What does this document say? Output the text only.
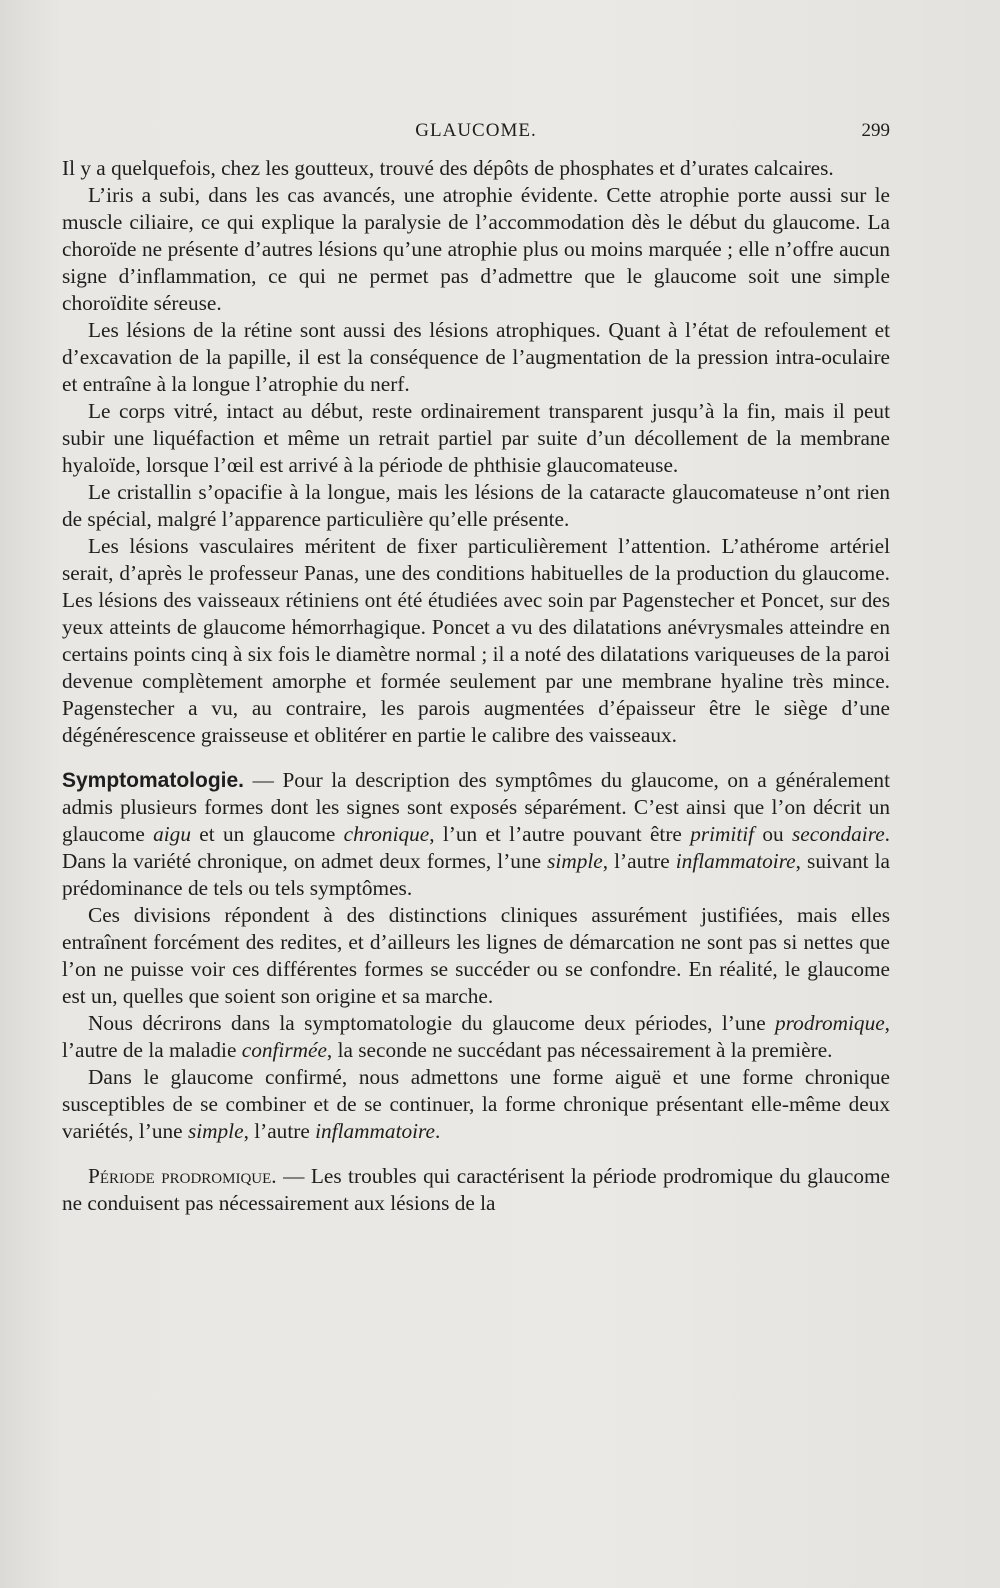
GLAUCOME.	299

Il y a quelquefois, chez les goutteux, trouvé des dépôts de phosphates et d’urates calcaires.

L’iris a subi, dans les cas avancés, une atrophie évidente. Cette atrophie porte aussi sur le muscle ciliaire, ce qui explique la paralysie de l’accommodation dès le début du glaucome. La choroïde ne présente d’autres lésions qu’une atrophie plus ou moins marquée ; elle n’offre aucun signe d’inflammation, ce qui ne permet pas d’admettre que le glaucome soit une simple choroïdite séreuse.

Les lésions de la rétine sont aussi des lésions atrophiques. Quant à l’état de refoulement et d’excavation de la papille, il est la conséquence de l’augmentation de la pression intra-oculaire et entraîne à la longue l’atrophie du nerf.

Le corps vitré, intact au début, reste ordinairement transparent jusqu’à la fin, mais il peut subir une liquéfaction et même un retrait partiel par suite d’un décollement de la membrane hyaloïde, lorsque l’œil est arrivé à la période de phthisie glaucomateuse.

Le cristallin s’opacifie à la longue, mais les lésions de la cataracte glaucomateuse n’ont rien de spécial, malgré l’apparence particulière qu’elle présente.

Les lésions vasculaires méritent de fixer particulièrement l’attention. L’athérome artériel serait, d’après le professeur Panas, une des conditions habituelles de la production du glaucome. Les lésions des vaisseaux rétiniens ont été étudiées avec soin par Pagenstecher et Poncet, sur des yeux atteints de glaucome hémorrhagique. Poncet a vu des dilatations anévrysmales atteindre en certains points cinq à six fois le diamètre normal ; il a noté des dilatations variqueuses de la paroi devenue complètement amorphe et formée seulement par une membrane hyaline très mince. Pagenstecher a vu, au contraire, les parois augmentées d’épaisseur être le siège d’une dégénérescence graisseuse et oblitérer en partie le calibre des vaisseaux.

Symptomatologie. — Pour la description des symptômes du glaucome, on a généralement admis plusieurs formes dont les signes sont exposés séparément. C’est ainsi que l’on décrit un glaucome aigu et un glaucome chronique, l’un et l’autre pouvant être primitif ou secondaire. Dans la variété chronique, on admet deux formes, l’une simple, l’autre inflammatoire, suivant la prédominance de tels ou tels symptômes.

Ces divisions répondent à des distinctions cliniques assurément justifiées, mais elles entraînent forcément des redites, et d’ailleurs les lignes de démarcation ne sont pas si nettes que l’on ne puisse voir ces différentes formes se succéder ou se confondre. En réalité, le glaucome est un, quelles que soient son origine et sa marche.

Nous décrirons dans la symptomatologie du glaucome deux périodes, l’une prodromique, l’autre de la maladie confirmée, la seconde ne succédant pas nécessairement à la première.

Dans le glaucome confirmé, nous admettons une forme aiguë et une forme chronique susceptibles de se combiner et de se continuer, la forme chronique présentant elle-même deux variétés, l’une simple, l’autre inflammatoire.

Période prodromique. — Les troubles qui caractérisent la période prodromique du glaucome ne conduisent pas nécessairement aux lésions de la
